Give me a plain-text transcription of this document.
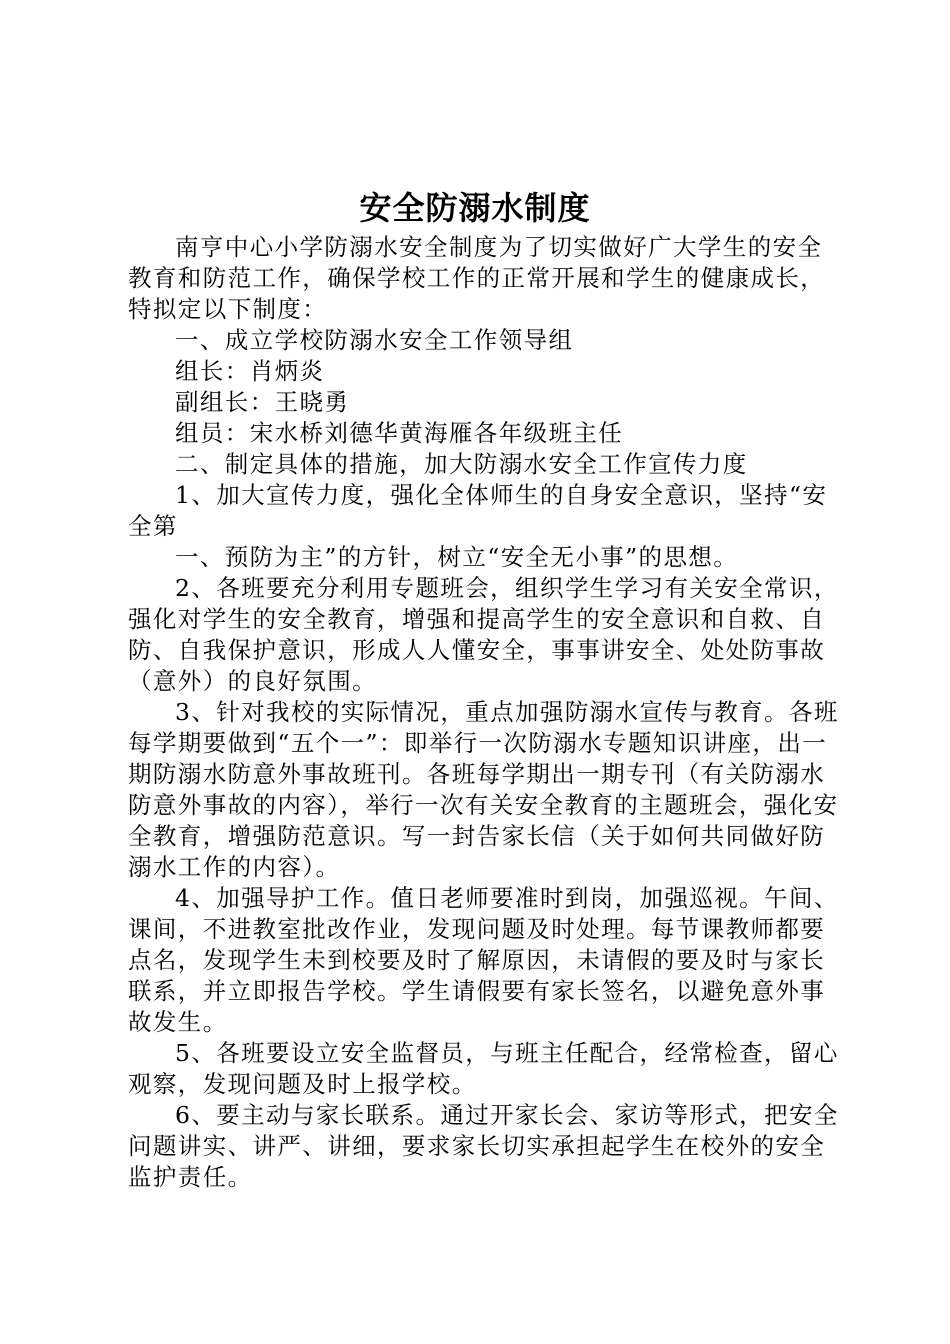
安全防溺水制度

南亨中心小学防溺水安全制度为了切实做好广大学生的安全教育和防范工作，确保学校工作的正常开展和学生的健康成长，特拟定以下制度：

一、成立学校防溺水安全工作领导组

组长：肖炳炎

副组长：王晓勇

组员：宋水桥刘德华黄海雁各年级班主任

二、制定具体的措施，加大防溺水安全工作宣传力度

1、加大宣传力度，强化全体师生的自身安全意识，坚持“安全第

一、预防为主”的方针，树立“安全无小事”的思想。

2、各班要充分利用专题班会，组织学生学习有关安全常识，强化对学生的安全教育，增强和提高学生的安全意识和自救、自防、自我保护意识，形成人人懂安全，事事讲安全、处处防事故（意外）的良好氛围。

3、针对我校的实际情况，重点加强防溺水宣传与教育。各班每学期要做到“五个一”：即举行一次防溺水专题知识讲座，出一期防溺水防意外事故班刊。各班每学期出一期专刊（有关防溺水防意外事故的内容），举行一次有关安全教育的主题班会，强化安全教育，增强防范意识。写一封告家长信（关于如何共同做好防溺水工作的内容）。

4、加强导护工作。值日老师要准时到岗，加强巡视。午间、课间，不进教室批改作业，发现问题及时处理。每节课教师都要点名，发现学生未到校要及时了解原因，未请假的要及时与家长联系，并立即报告学校。学生请假要有家长签名，以避免意外事故发生。

5、各班要设立安全监督员，与班主任配合，经常检查，留心观察，发现问题及时上报学校。

6、要主动与家长联系。通过开家长会、家访等形式，把安全问题讲实、讲严、讲细，要求家长切实承担起学生在校外的安全监护责任。
